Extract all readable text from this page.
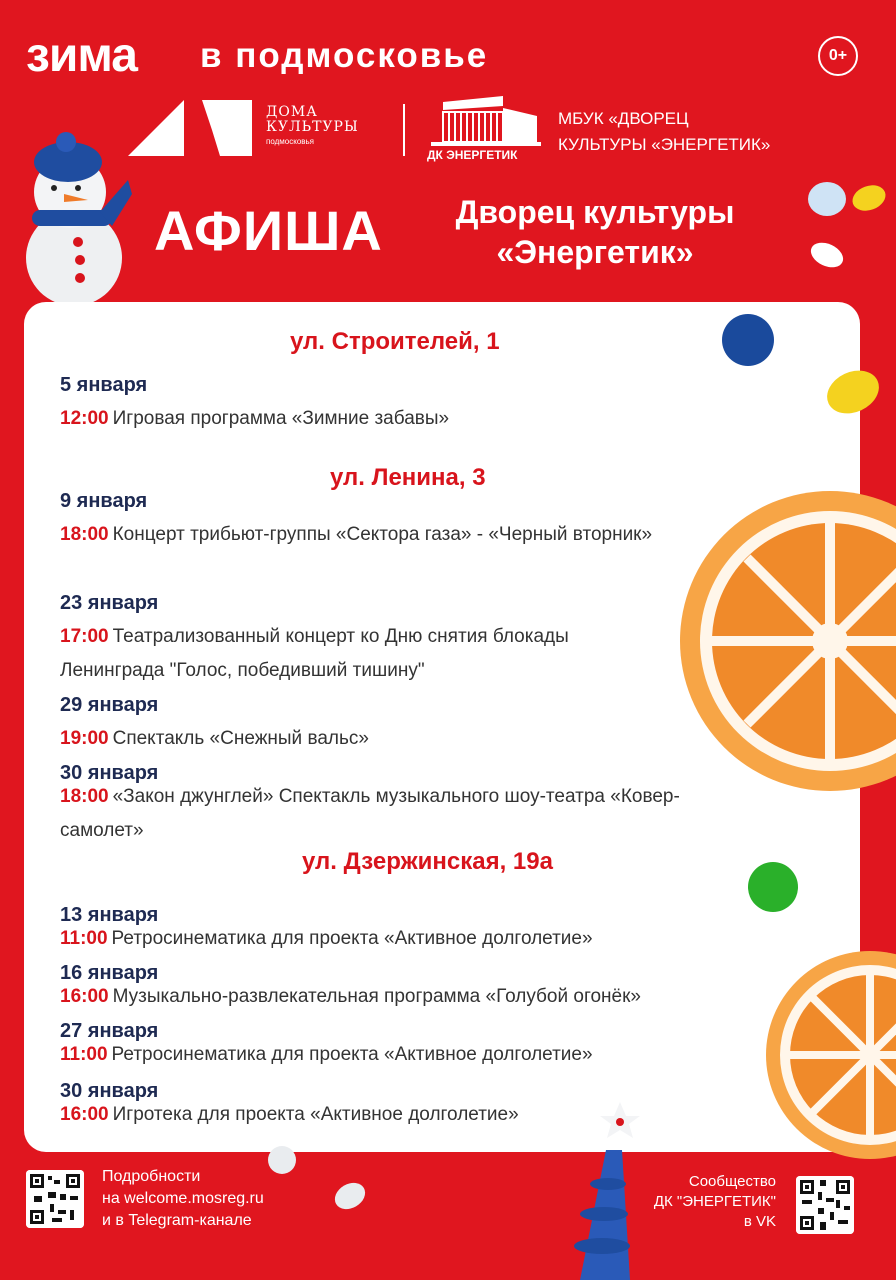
зима в подмосковье	0+
ДОМА
КУЛЬТУРЫ
подмосковья
ДК ЭНЕРГЕТИК
МБУК «ДВОРЕЦ
КУЛЬТУРЫ «ЭНЕРГЕТИК»
АФИША	Дворец культуры
«Энергетик»
ул. Строителей, 1
5 января
12:00 Игровая программа «Зимние забавы»
ул. Ленина, 3
9 января
18:00 Концерт трибьют-группы «Сектора газа» - «Черный вторник»
23 января
17:00 Театрализованный концерт ко Дню снятия блокады Ленинграда "Голос, победивший тишину"
29 января
19:00 Спектакль «Снежный вальс»
30 января
18:00 «Закон джунглей» Спектакль музыкального шоу-театра «Ковер-самолет»
ул. Дзержинская, 19а
13 января
11:00 Ретросинематика для проекта «Активное долголетие»
16 января
16:00 Музыкально-развлекательная программа «Голубой огонёк»
27 января
11:00 Ретросинематика для проекта «Активное долголетие»
30 января
16:00 Игротека для проекта «Активное долголетие»
Подробности
на welcome.mosreg.ru
и в Telegram-канале
Сообщество
ДК "ЭНЕРГЕТИК"
в VK
